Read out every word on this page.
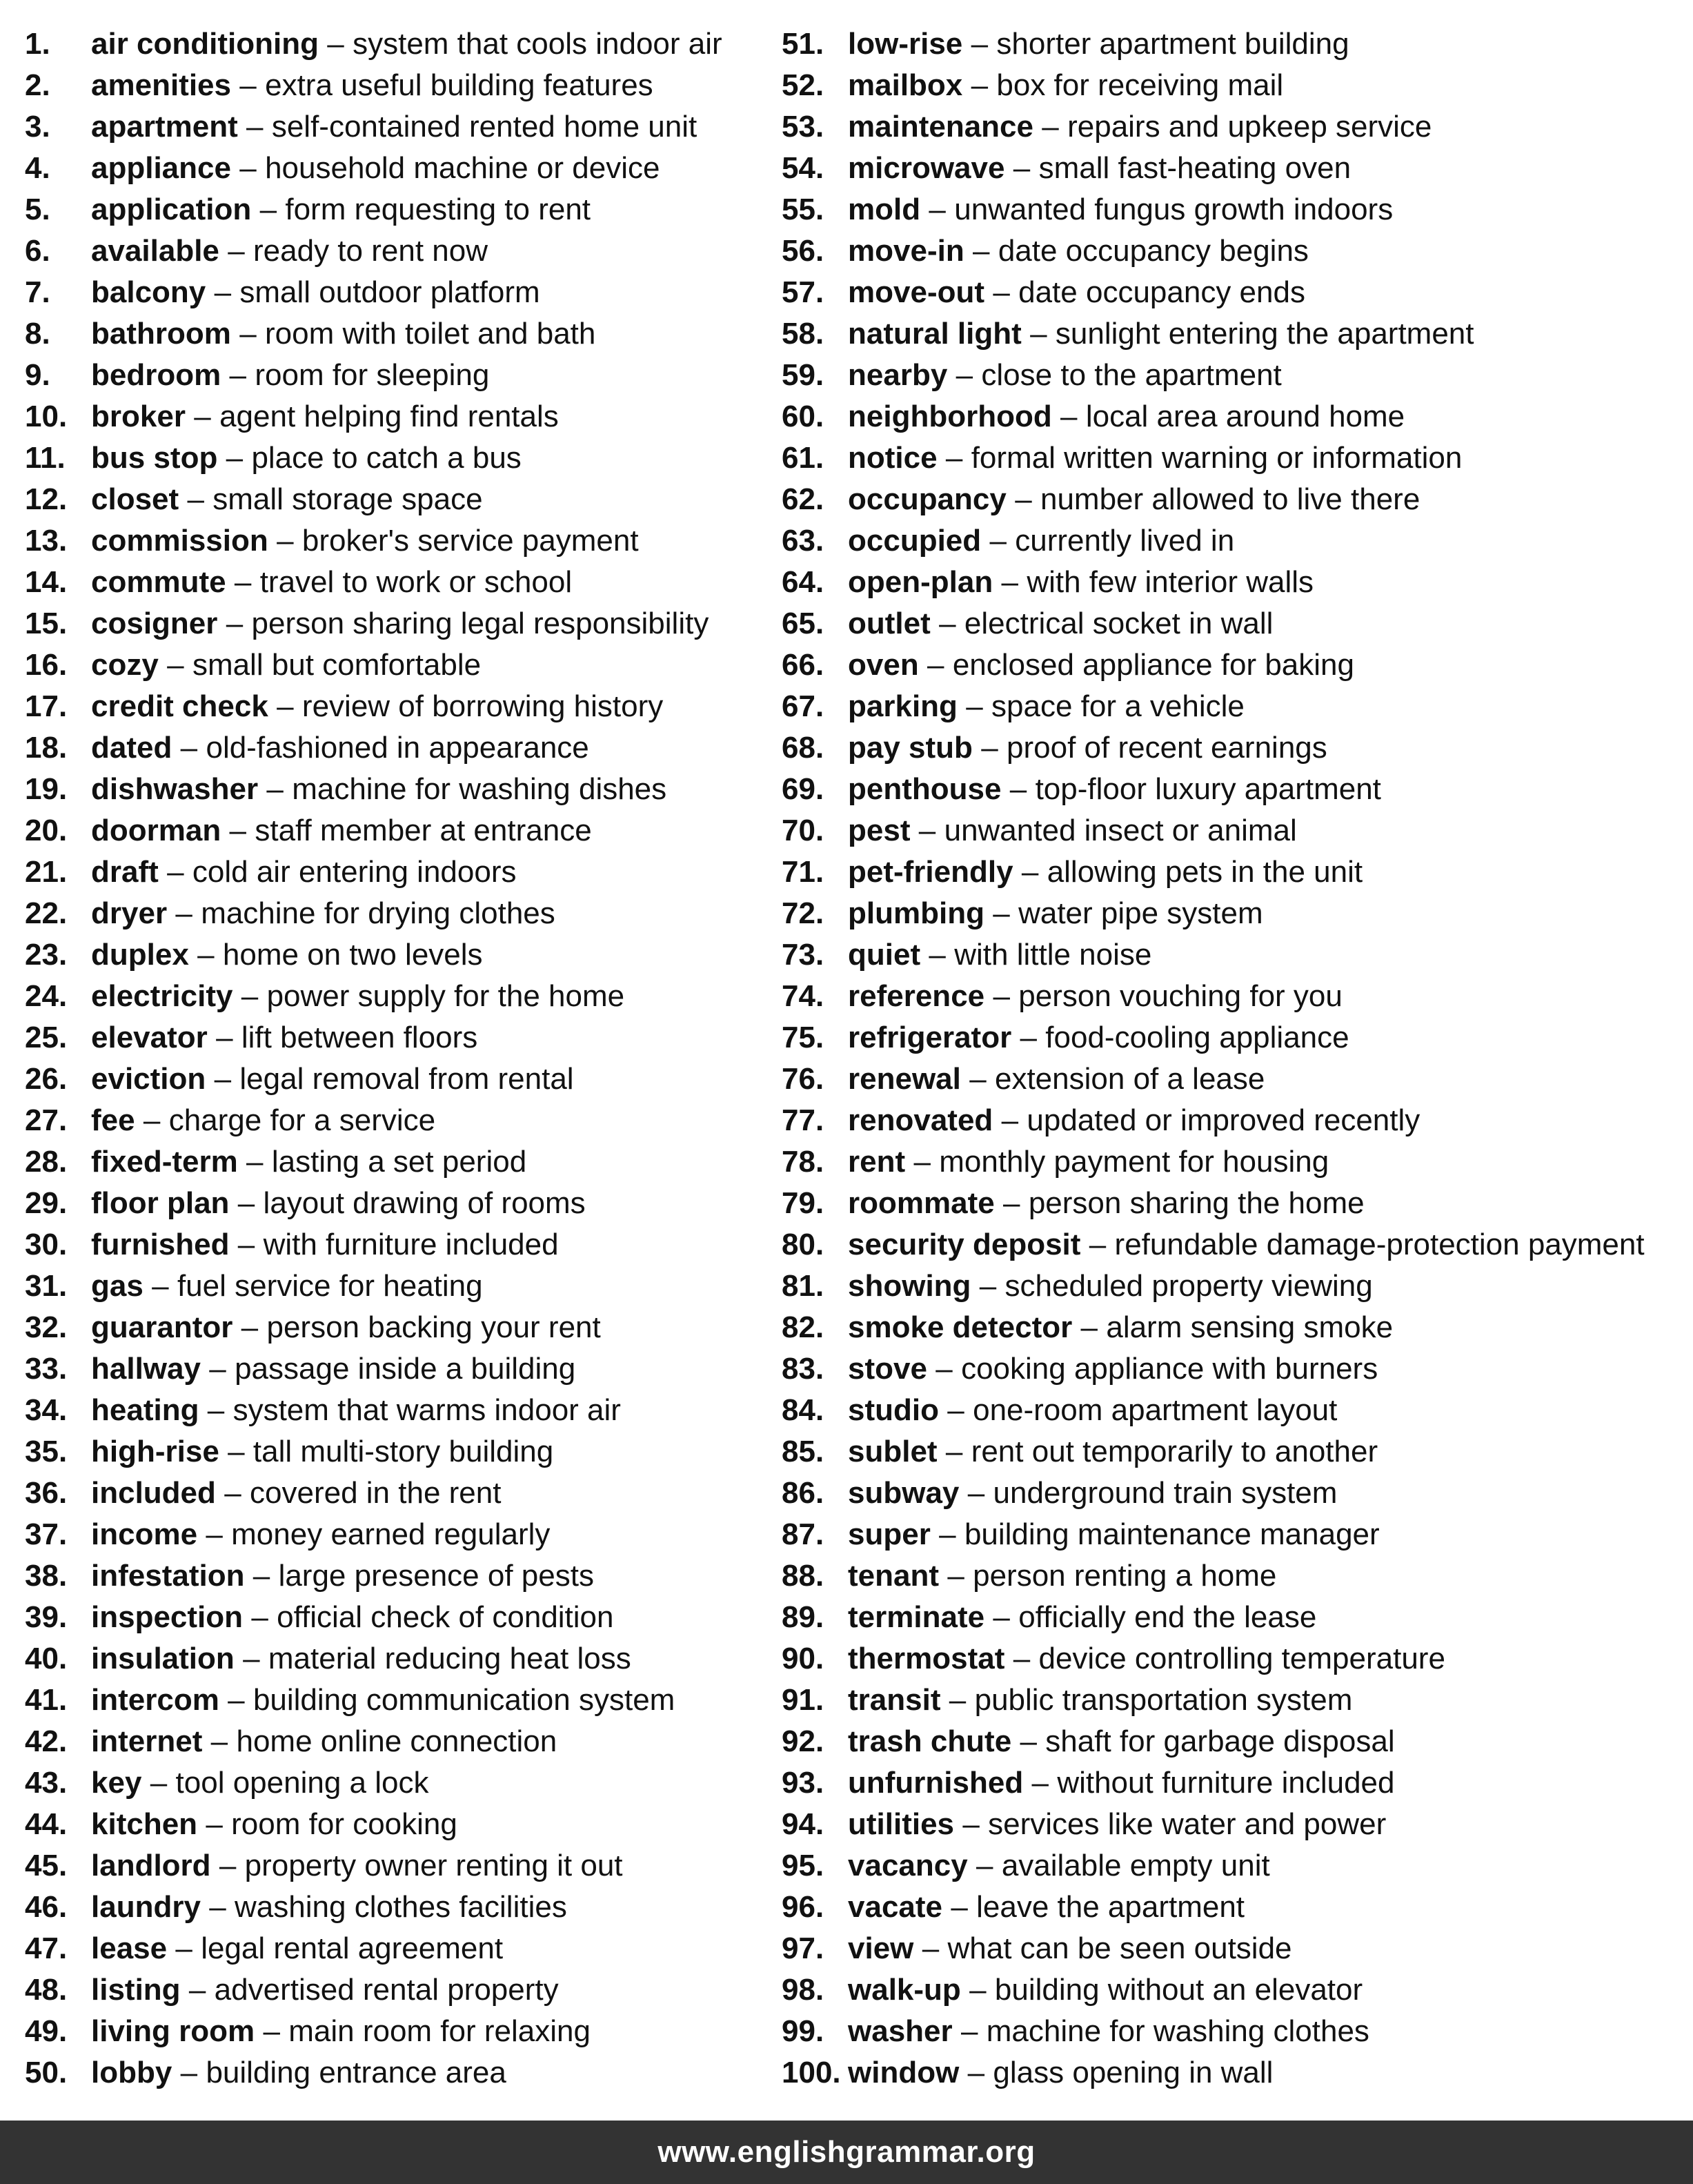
1.	air conditioning – system that cools indoor air
2.	amenities – extra useful building features
3.	apartment – self-contained rented home unit
4.	appliance – household machine or device
5.	application – form requesting to rent
6.	available – ready to rent now
7.	balcony – small outdoor platform
8.	bathroom – room with toilet and bath
9.	bedroom – room for sleeping
10. broker – agent helping find rentals
11. bus stop – place to catch a bus
12. closet – small storage space
13. commission – broker's service payment
14. commute – travel to work or school
15. cosigner – person sharing legal responsibility
16. cozy – small but comfortable
17. credit check – review of borrowing history
18. dated – old-fashioned in appearance
19. dishwasher – machine for washing dishes
20. doorman – staff member at entrance
21. draft – cold air entering indoors
22. dryer – machine for drying clothes
23. duplex – home on two levels
24. electricity – power supply for the home
25. elevator – lift between floors
26. eviction – legal removal from rental
27. fee – charge for a service
28. fixed-term – lasting a set period
29. floor plan – layout drawing of rooms
30. furnished – with furniture included
31. gas – fuel service for heating
32. guarantor – person backing your rent
33. hallway – passage inside a building
34. heating – system that warms indoor air
35. high-rise – tall multi-story building
36. included – covered in the rent
37. income – money earned regularly
38. infestation – large presence of pests
39. inspection – official check of condition
40. insulation – material reducing heat loss
41. intercom – building communication system
42. internet – home online connection
43. key – tool opening a lock
44. kitchen – room for cooking
45. landlord – property owner renting it out
46. laundry – washing clothes facilities
47. lease – legal rental agreement
48. listing – advertised rental property
49. living room – main room for relaxing
50. lobby – building entrance area
51. low-rise – shorter apartment building
52. mailbox – box for receiving mail
53. maintenance – repairs and upkeep service
54. microwave – small fast-heating oven
55. mold – unwanted fungus growth indoors
56. move-in – date occupancy begins
57. move-out – date occupancy ends
58. natural light – sunlight entering the apartment
59. nearby – close to the apartment
60. neighborhood – local area around home
61. notice – formal written warning or information
62. occupancy – number allowed to live there
63. occupied – currently lived in
64. open-plan – with few interior walls
65. outlet – electrical socket in wall
66. oven – enclosed appliance for baking
67. parking – space for a vehicle
68. pay stub – proof of recent earnings
69. penthouse – top-floor luxury apartment
70. pest – unwanted insect or animal
71. pet-friendly – allowing pets in the unit
72. plumbing – water pipe system
73. quiet – with little noise
74. reference – person vouching for you
75. refrigerator – food-cooling appliance
76. renewal – extension of a lease
77. renovated – updated or improved recently
78. rent – monthly payment for housing
79. roommate – person sharing the home
80. security deposit – refundable damage-protection payment
81. showing – scheduled property viewing
82. smoke detector – alarm sensing smoke
83. stove – cooking appliance with burners
84. studio – one-room apartment layout
85. sublet – rent out temporarily to another
86. subway – underground train system
87. super – building maintenance manager
88. tenant – person renting a home
89. terminate – officially end the lease
90. thermostat – device controlling temperature
91. transit – public transportation system
92. trash chute – shaft for garbage disposal
93. unfurnished – without furniture included
94. utilities – services like water and power
95. vacancy – available empty unit
96. vacate – leave the apartment
97. view – what can be seen outside
98. walk-up – building without an elevator
99. washer – machine for washing clothes
100. window – glass opening in wall
www.englishgrammar.org
